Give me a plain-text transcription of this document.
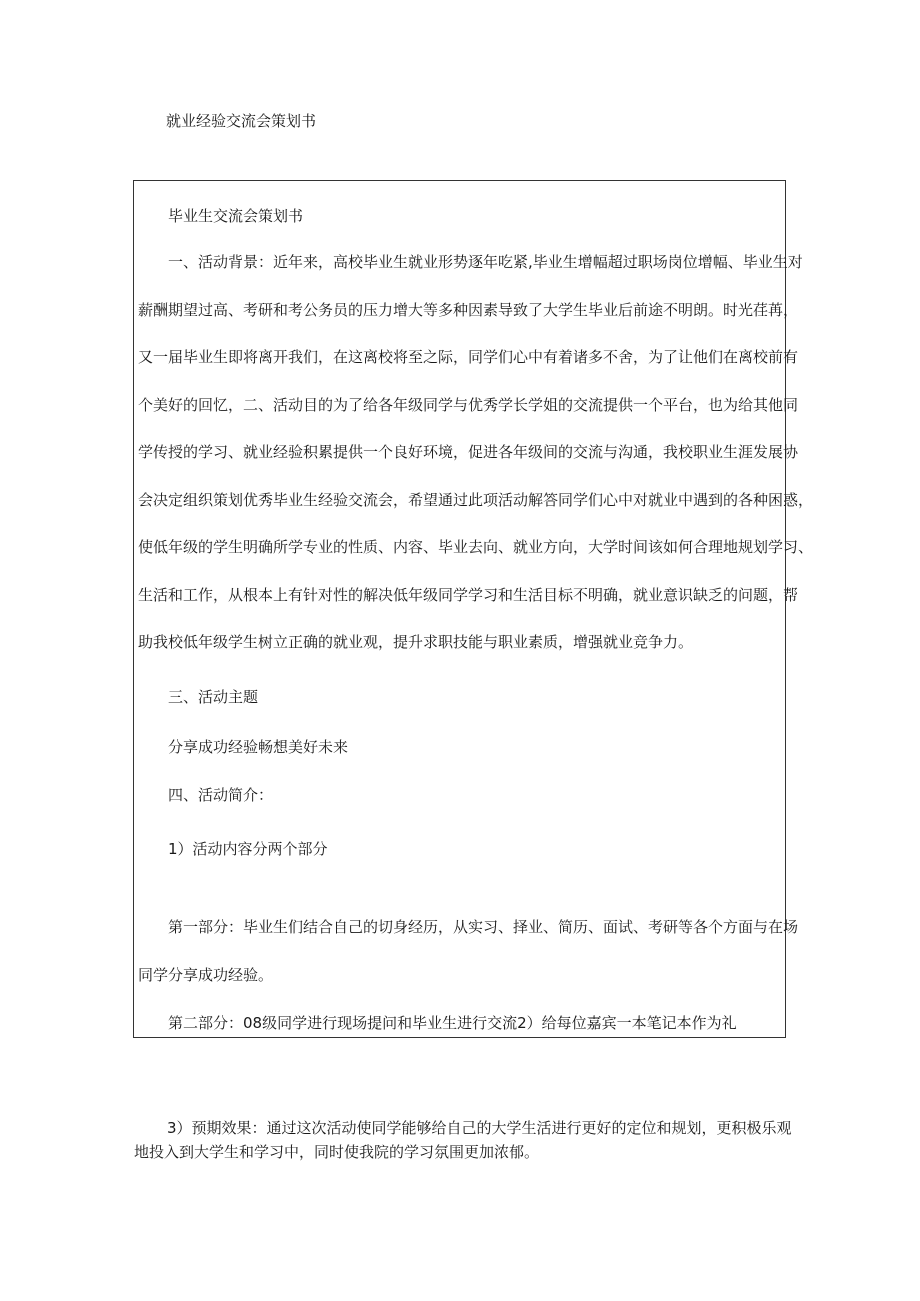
就业经验交流会策划书
毕业生交流会策划书
一、活动背景：近年来，高校毕业生就业形势逐年吃紧,毕业生增幅超过职场岗位增幅、毕业生对
薪酬期望过高、考研和考公务员的压力增大等多种因素导致了大学生毕业后前途不明朗。时光荏苒，
又一届毕业生即将离开我们，在这离校将至之际，同学们心中有着诸多不舍，为了让他们在离校前有
个美好的回忆，二、活动目的为了给各年级同学与优秀学长学姐的交流提供一个平台，也为给其他同
学传授的学习、就业经验积累提供一个良好环境，促进各年级间的交流与沟通，我校职业生涯发展协
会决定组织策划优秀毕业生经验交流会，希望通过此项活动解答同学们心中对就业中遇到的各种困惑，
使低年级的学生明确所学专业的性质、内容、毕业去向、就业方向，大学时间该如何合理地规划学习、
生活和工作，从根本上有针对性的解决低年级同学学习和生活目标不明确，就业意识缺乏的问题，帮
助我校低年级学生树立正确的就业观，提升求职技能与职业素质，增强就业竞争力。
三、活动主题
分享成功经验畅想美好未来
四、活动简介：
1）活动内容分两个部分
第一部分：毕业生们结合自己的切身经历，从实习、择业、简历、面试、考研等各个方面与在场
同学分享成功经验。
第二部分：08级同学进行现场提问和毕业生进行交流2）给每位嘉宾一本笔记本作为礼
3）预期效果：通过这次活动使同学能够给自己的大学生活进行更好的定位和规划，更积极乐观
地投入到大学生和学习中，同时使我院的学习氛围更加浓郁。
